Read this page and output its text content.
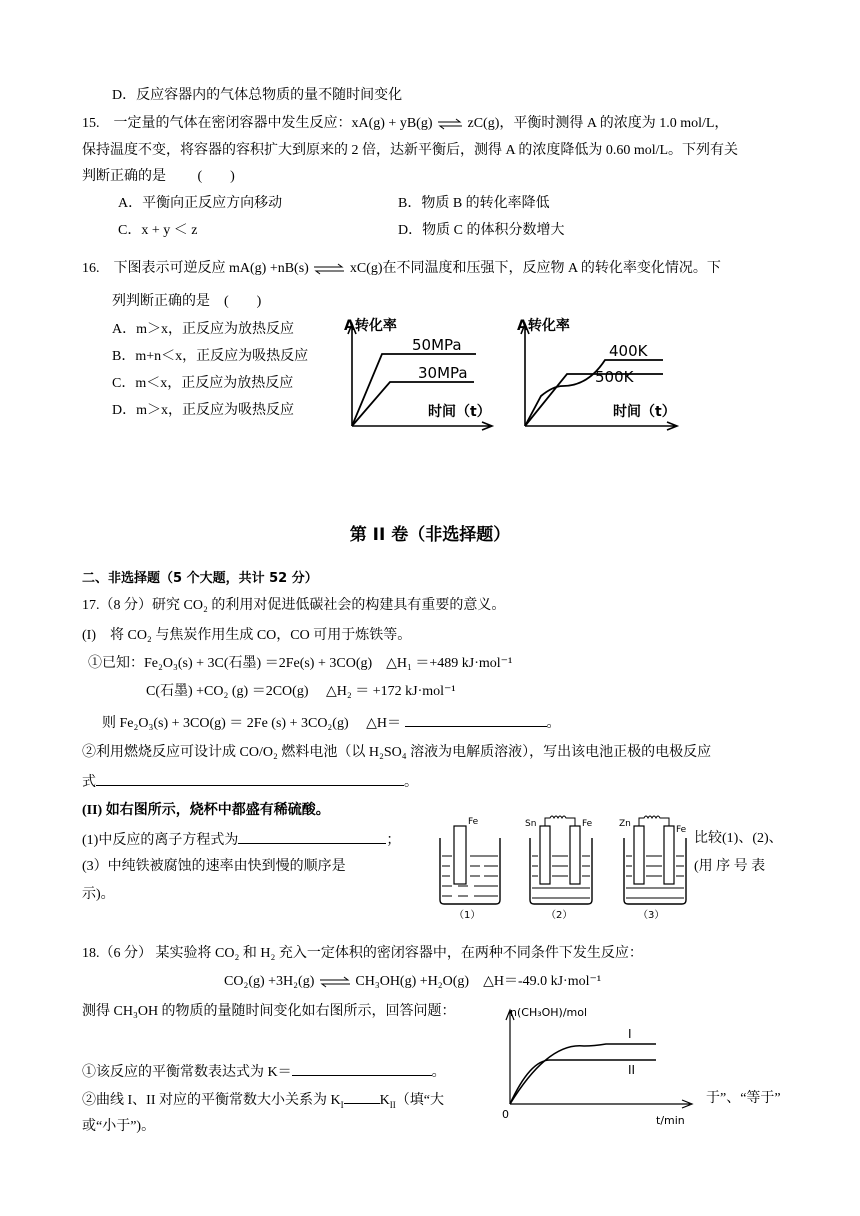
D．反应容器内的气体总物质的量不随时间变化
15. 一定量的气体在密闭容器中发生反应：xA(g) + yB(g) ⇌ zC(g)，平衡时测得 A 的浓度为 1.0 mol/L，
保持温度不变，将容器的容积扩大到原来的 2 倍，达新平衡后，测得 A 的浓度降低为 0.60 mol/L。下列有关
判断正确的是 (　　)
A．平衡向正反应方向移动	B．物质 B 的转化率降低
C．x + y ＜ z	D．物质 C 的体积分数增大
16. 下图表示可逆反应 mA(g) +nB(s) ⇌ xC(g)在不同温度和压强下，反应物 A 的转化率变化情况。下
列判断正确的是 (　　)
A．m＞x，正反应为放热反应
B．m+n＜x，正反应为吸热反应
C．m＜x，正反应为放热反应
D．m＞x，正反应为吸热反应
A转化率
50MPa
30MPa
时间（t）
A转化率
400K
500K
时间（t）
第 II 卷（非选择题）
二、非选择题（5 个大题，共计 52 分）
17.（8 分）研究 CO₂ 的利用对促进低碳社会的构建具有重要的意义。
(I)　将 CO₂ 与焦炭作用生成 CO，CO 可用于炼铁等。
①已知：Fe₂O₃(s) + 3C(石墨) ＝2Fe(s) + 3CO(g)　△H₁ ＝+489 kJ·mol⁻¹
C(石墨) +CO₂ (g) ＝2CO(g)　 △H₂ ＝ +172 kJ·mol⁻¹
则 Fe₂O₃(s) + 3CO(g) ＝ 2Fe (s) + 3CO₂(g)　 △H＝	。
②利用燃烧反应可设计成 CO/O₂ 燃料电池（以 H₂SO₄ 溶液为电解质溶液），写出该电池正极的电极反应
式	。
(II) 如右图所示，烧杯中都盛有稀硫酸。
(1)中反应的离子方程式为	；
(3）中纯铁被腐蚀的速率由快到慢的顺序是
示)。
比较(1)、(2)、
(用 序 号 表
Fe
（1）
Sn	Fe
（2）
Zn
Fe
（3）
18.（6 分） 某实验将 CO₂ 和 H₂ 充入一定体积的密闭容器中，在两种不同条件下发生反应：
CO₂(g) +3H₂(g) ⇌ CH₃OH(g) +H₂O(g)　△H＝-49.0 kJ·mol⁻¹
测得 CH₃OH 的物质的量随时间变化如右图所示，回答问题：
①该反应的平衡常数表达式为 K＝	。
②曲线 I、II 对应的平衡常数大小关系为 $K_I$	$K_{II}$（填“大	于”、“等于”
或“小于”)。
n(CH₃OH)/mol
0	t/min
I
II
